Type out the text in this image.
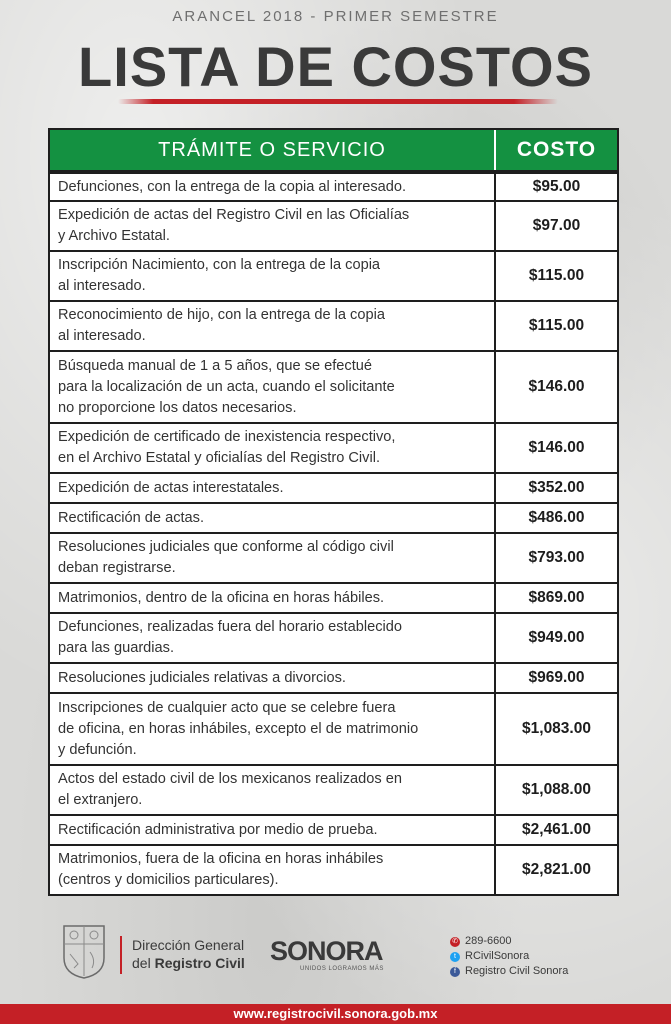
ARANCEL 2018 - PRIMER SEMESTRE
LISTA DE COSTOS
TRÁMITE O SERVICIO	COSTO
Defunciones, con la entrega de la copia al interesado.	$95.00
Expedición de actas del Registro Civil en las Oficialías
y Archivo Estatal.
$97.00
Inscripción Nacimiento, con la entrega de la copia
al interesado.
$115.00
Reconocimiento de hijo, con la entrega de la copia
al interesado.
$115.00
Búsqueda manual de 1 a 5 años, que se efectué
para la localización de un acta, cuando el solicitante
no proporcione los datos necesarios.
$146.00
Expedición de certificado de inexistencia respectivo,
en el Archivo Estatal y oficialías del Registro Civil.
$146.00
Expedición de actas interestatales.	$352.00
Rectificación de actas.	$486.00
Resoluciones judiciales que conforme al código civil
deban registrarse.
$793.00
Matrimonios, dentro de la oficina en horas hábiles.	$869.00
Defunciones, realizadas fuera del horario establecido
para las guardias.
$949.00
Resoluciones judiciales relativas a divorcios.	$969.00
Inscripciones de cualquier acto que se celebre fuera
de oficina, en horas inhábiles, excepto el de matrimonio
y defunción.
$1,083.00
Actos del estado civil de los mexicanos realizados en
el extranjero.
$1,088.00
Rectificación administrativa por medio de prueba.	$2,461.00
Matrimonios, fuera de la oficina en horas inhábiles
(centros y domicilios particulares).
$2,821.00
Dirección General
del Registro Civil SONORA
UNIDOS LOGRAMOS MÁS
✆ 289-6600
t RCivilSonora
f Registro Civil Sonora
www.registrocivil.sonora.gob.mx
